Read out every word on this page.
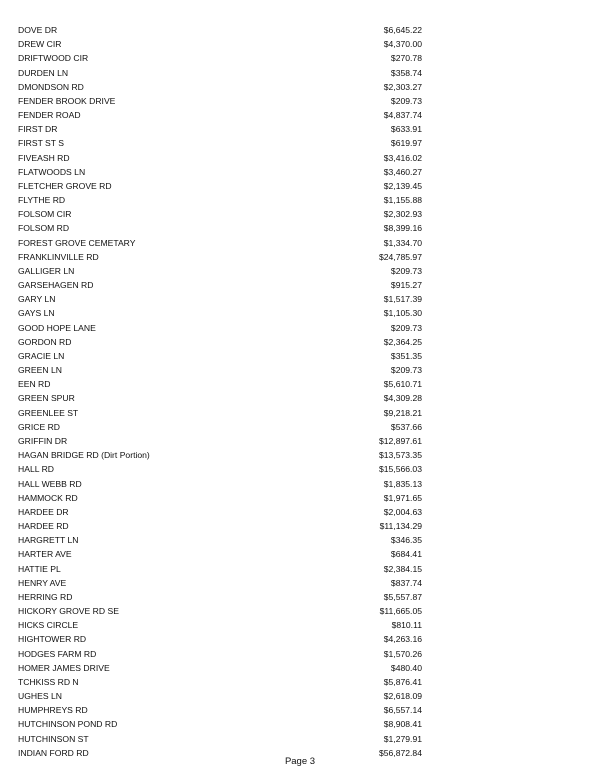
DOVE DR	$6,645.22
DREW CIR	$4,370.00
DRIFTWOOD CIR	$270.78
DURDEN LN	$358.74
DMONDSON RD	$2,303.27
FENDER BROOK DRIVE	$209.73
FENDER ROAD	$4,837.74
FIRST DR	$633.91
FIRST ST S	$619.97
FIVEASH RD	$3,416.02
FLATWOODS LN	$3,460.27
FLETCHER GROVE RD	$2,139.45
FLYTHE RD	$1,155.88
FOLSOM CIR	$2,302.93
FOLSOM RD	$8,399.16
FOREST GROVE CEMETARY	$1,334.70
FRANKLINVILLE RD	$24,785.97
GALLIGER LN	$209.73
GARSEHAGEN RD	$915.27
GARY LN	$1,517.39
GAYS LN	$1,105.30
GOOD HOPE LANE	$209.73
GORDON RD	$2,364.25
GRACIE LN	$351.35
GREEN LN	$209.73
EEN RD	$5,610.71
GREEN SPUR	$4,309.28
GREENLEE ST	$9,218.21
GRICE RD	$537.66
GRIFFIN DR	$12,897.61
HAGAN BRIDGE RD (Dirt Portion)	$13,573.35
HALL RD	$15,566.03
HALL WEBB RD	$1,835.13
HAMMOCK RD	$1,971.65
HARDEE DR	$2,004.63
HARDEE RD	$11,134.29
HARGRETT LN	$346.35
HARTER AVE	$684.41
HATTIE PL	$2,384.15
HENRY AVE	$837.74
HERRING RD	$5,557.87
HICKORY GROVE RD SE	$11,665.05
HICKS CIRCLE	$810.11
HIGHTOWER RD	$4,263.16
HODGES FARM RD	$1,570.26
HOMER JAMES DRIVE	$480.40
TCHKISS RD N	$5,876.41
UGHES LN	$2,618.09
HUMPHREYS RD	$6,557.14
HUTCHINSON POND RD	$8,908.41
HUTCHINSON ST	$1,279.91
INDIAN FORD RD	$56,872.84
Page 3
